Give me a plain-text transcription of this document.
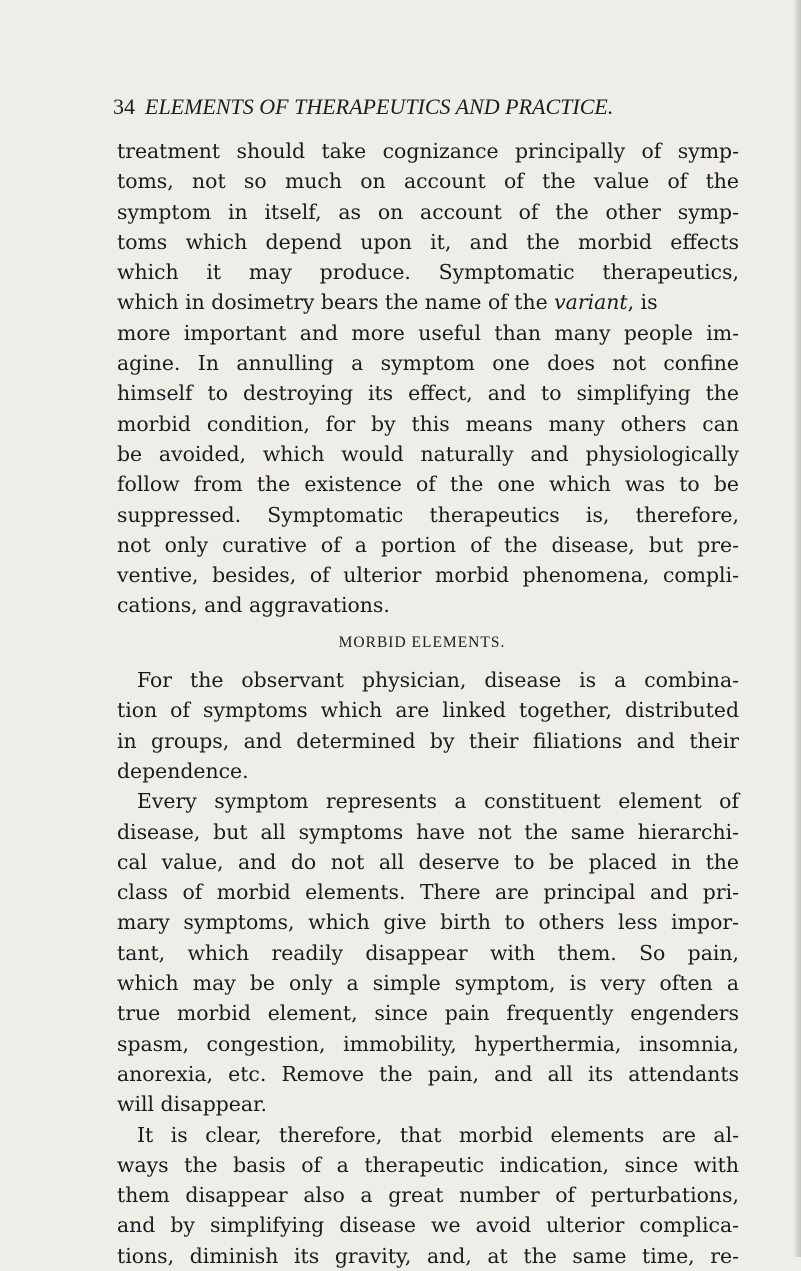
34 ELEMENTS OF THERAPEUTICS AND PRACTICE.
treatment should take cognizance principally of symp-
toms, not so much on account of the value of the
symptom in itself, as on account of the other symp-
toms which depend upon it, and the morbid effects
which it may produce. Symptomatic therapeutics,
which in dosimetry bears the name of the variant, is
more important and more useful than many people im-
agine. In annulling a symptom one does not confine
himself to destroying its effect, and to simplifying the
morbid condition, for by this means many others can
be avoided, which would naturally and physiologically
follow from the existence of the one which was to be
suppressed. Symptomatic therapeutics is, therefore,
not only curative of a portion of the disease, but pre-
ventive, besides, of ulterior morbid phenomena, compli-
cations, and aggravations.
MORBID ELEMENTS.
For the observant physician, disease is a combina-
tion of symptoms which are linked together, distributed
in groups, and determined by their filiations and their
dependence.
Every symptom represents a constituent element of
disease, but all symptoms have not the same hierarchi-
cal value, and do not all deserve to be placed in the
class of morbid elements. There are principal and pri-
mary symptoms, which give birth to others less impor-
tant, which readily disappear with them. So pain,
which may be only a simple symptom, is very often a
true morbid element, since pain frequently engenders
spasm, congestion, immobility, hyperthermia, insomnia,
anorexia, etc. Remove the pain, and all its attendants
will disappear.
It is clear, therefore, that morbid elements are al-
ways the basis of a therapeutic indication, since with
them disappear also a great number of perturbations,
and by simplifying disease we avoid ulterior complica-
tions, diminish its gravity, and, at the same time, re-
